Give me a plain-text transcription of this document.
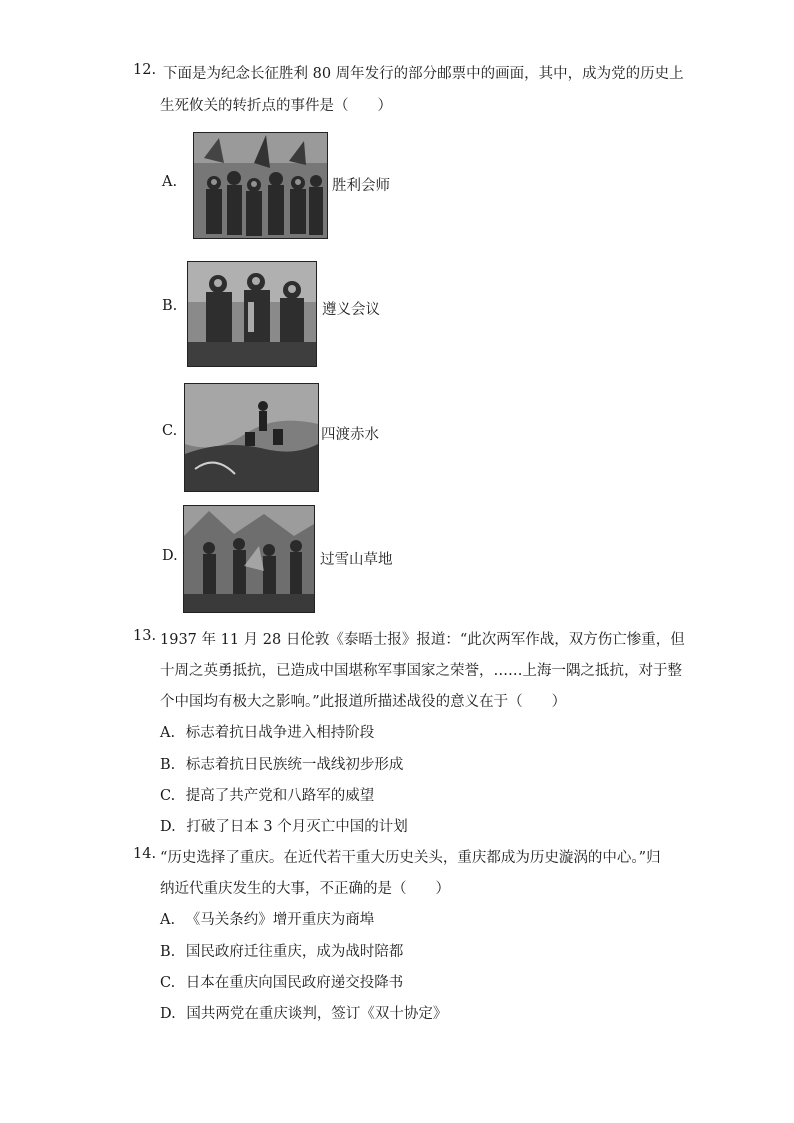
12. 下面是为纪念长征胜利 80 周年发行的部分邮票中的画面，其中，成为党的历史上
生死攸关的转折点的事件是（　　）
A.	胜利会师
B.	遵义会议
C.	四渡赤水
D.	过雪山草地
13. 1937 年 11 月 28 日伦敦《泰晤士报》报道：“此次两军作战，双方伤亡惨重，但
十周之英勇抵抗，已造成中国堪称军事国家之荣誉，……上海一隅之抵抗，对于整
个中国均有极大之影响。”此报道所描述战役的意义在于（　　）
A. 标志着抗日战争进入相持阶段
B. 标志着抗日民族统一战线初步形成
C. 提高了共产党和八路军的威望
D. 打破了日本 3 个月灭亡中国的计划
14. “历史选择了重庆。在近代若干重大历史关头，重庆都成为历史漩涡的中心。”归
纳近代重庆发生的大事，不正确的是（　　）
A. 《马关条约》增开重庆为商埠
B. 国民政府迁往重庆，成为战时陪都
C. 日本在重庆向国民政府递交投降书
D. 国共两党在重庆谈判，签订《双十协定》
